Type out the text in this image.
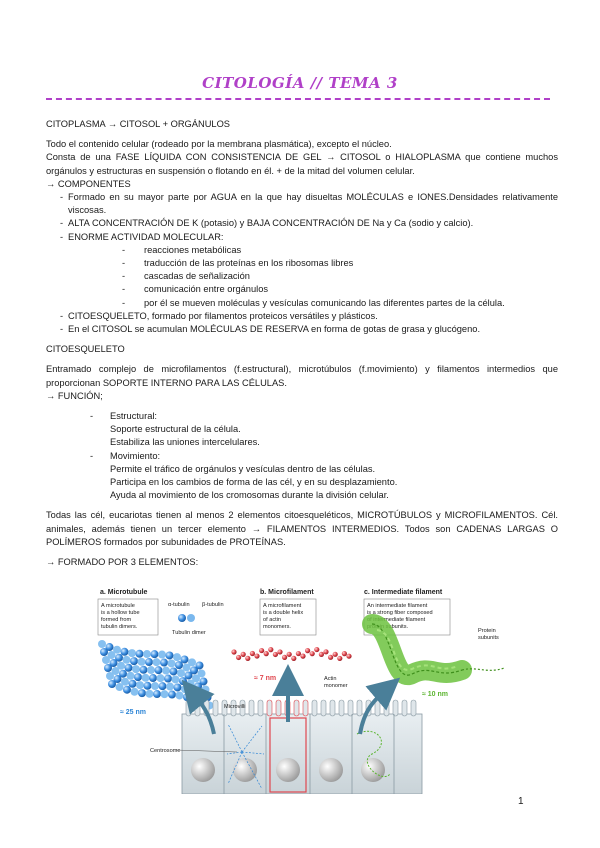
CITOLOGÍA // TEMA 3

CITOPLASMA → CITOSOL + ORGÁNULOS

Todo el contenido celular (rodeado por la membrana plasmática), excepto el núcleo.

Consta de una FASE LÍQUIDA CON CONSISTENCIA DE GEL → CITOSOL o HIALOPLASMA que contiene muchos orgánulos y estructuras en suspensión o flotando en él. + de la mitad del volumen celular.

→ COMPONENTES

- Formado en su mayor parte por AGUA en la que hay disueltas MOLÉCULAS e IONES.Densidades relativamente viscosas.
- ALTA CONCENTRACIÓN DE K (potasio) y BAJA CONCENTRACIÓN DE Na y Ca (sodio y calcio).
- ENORME ACTIVIDAD MOLECULAR:
-	reacciones metabólicas
-	traducción de las proteínas en los ribosomas libres
-	cascadas de señalización
-	comunicación entre orgánulos
-	por él se mueven moléculas y vesículas comunicando las diferentes partes de la célula.
- CITOESQUELETO, formado por filamentos proteicos versátiles y plásticos.
- En el CITOSOL se acumulan MOLÉCULAS DE RESERVA en forma de gotas de grasa y glucógeno.

CITOESQUELETO

Entramado complejo de microfilamentos (f.estructural), microtúbulos (f.movimiento) y filamentos intermedios que proporcionan SOPORTE INTERNO PARA LAS CÉLULAS.

→ FUNCIÓN;

-	Estructural:
Soporte estructural de la célula.
Estabiliza las uniones intercelulares.
-	Movimiento:
Permite el tráfico de orgánulos y vesículas dentro de las células.
Participa en los cambios de forma de las cél, y en su desplazamiento.
Ayuda al movimiento de los cromosomas durante la división celular.

Todas las cél, eucariotas tienen al menos 2 elementos citoesqueléticos, MICROTÚBULOS y MICROFILAMENTOS. Cél. animales, además tienen un tercer elemento → FILAMENTOS INTERMEDIOS. Todos son CADENAS LARGAS O POLÍMEROS formados por subunidades de PROTEÍNAS.

→ FORMADO POR 3 ELEMENTOS:

a. Microtubule	b. Microfilament	c. Intermediate filament
A microtubule
is a hollow tube
formed from
tubulin dimers.
A microfilament
is a double helix
of actin
monomers.
An intermediate filament
is a strong fiber composed
of intermediate filament
protein subunits.
α-tubulin β-tubulin
Tubulin dimer	Protein
subunits
Actin
monomer
≈ 25 nm
≈ 7 nm
≈ 10 nm
Microvilli
Centrosome
1
